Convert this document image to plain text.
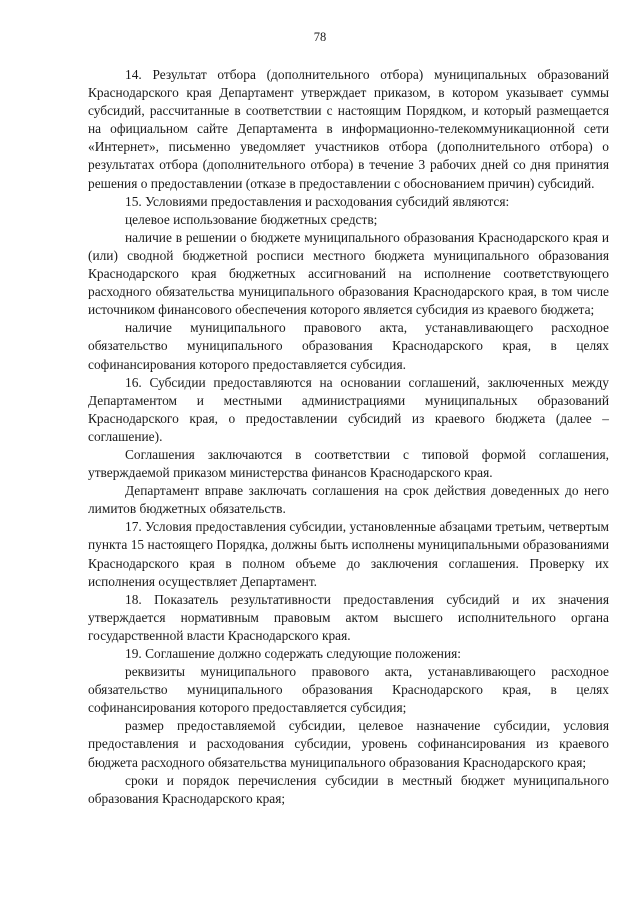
78

14. Результат отбора (дополнительного отбора) муниципальных образований Краснодарского края Департамент утверждает приказом, в котором указывает суммы субсидий, рассчитанные в соответствии с настоящим Порядком, и который размещается на официальном сайте Департамента в информационно-телекоммуникационной сети «Интернет», письменно уведомляет участников отбора (дополнительного отбора) о результатах отбора (дополнительного отбора) в течение 3 рабочих дней со дня принятия решения о предоставлении (отказе в предоставлении с обоснованием причин) субсидий.

15. Условиями предоставления и расходования субсидий являются:

целевое использование бюджетных средств;

наличие в решении о бюджете муниципального образования Краснодарского края и (или) сводной бюджетной росписи местного бюджета муниципального образования Краснодарского края бюджетных ассигнований на исполнение соответствующего расходного обязательства муниципального образования Краснодарского края, в том числе источником финансового обеспечения которого является субсидия из краевого бюджета;

наличие муниципального правового акта, устанавливающего расходное обязательство муниципального образования Краснодарского края, в целях софинансирования которого предоставляется субсидия.

16. Субсидии предоставляются на основании соглашений, заключенных между Департаментом и местными администрациями муниципальных образований Краснодарского края, о предоставлении субсидий из краевого бюджета (далее – соглашение).

Соглашения заключаются в соответствии с типовой формой соглашения, утверждаемой приказом министерства финансов Краснодарского края.

Департамент вправе заключать соглашения на срок действия доведенных до него лимитов бюджетных обязательств.

17. Условия предоставления субсидии, установленные абзацами третьим, четвертым пункта 15 настоящего Порядка, должны быть исполнены муниципальными образованиями Краснодарского края в полном объеме до заключения соглашения. Проверку их исполнения осуществляет Департамент.

18. Показатель результативности предоставления субсидий и их значения утверждается нормативным правовым актом высшего исполнительного органа государственной власти Краснодарского края.

19. Соглашение должно содержать следующие положения:

реквизиты муниципального правового акта, устанавливающего расходное обязательство муниципального образования Краснодарского края, в целях софинансирования которого предоставляется субсидия;

размер предоставляемой субсидии, целевое назначение субсидии, условия предоставления и расходования субсидии, уровень софинансирования из краевого бюджета расходного обязательства муниципального образования Краснодарского края;

сроки и порядок перечисления субсидии в местный бюджет муниципального образования Краснодарского края;
